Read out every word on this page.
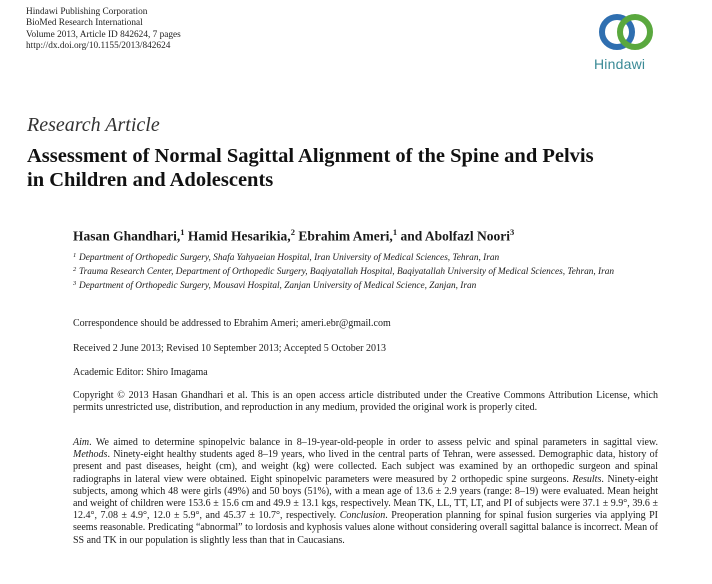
Hindawi Publishing Corporation
BioMed Research International
Volume 2013, Article ID 842624, 7 pages
http://dx.doi.org/10.1155/2013/842624
Hindawi
Research Article
Assessment of Normal Sagittal Alignment of the Spine and Pelvis
in Children and Adolescents
Hasan Ghandhari,$^1$ Hamid Hesarikia,$^2$ Ebrahim Ameri,$^1$ and Abolfazl Noori$^3$
1 Department of Orthopedic Surgery, Shafa Yahyaeian Hospital, Iran University of Medical Sciences, Tehran, Iran
2 Trauma Research Center, Department of Orthopedic Surgery, Baqiyatallah Hospital, Baqiyatallah University of Medical Sciences, Tehran, Iran
3 Department of Orthopedic Surgery, Mousavi Hospital, Zanjan University of Medical Science, Zanjan, Iran
Correspondence should be addressed to Ebrahim Ameri; ameri.ebr@gmail.com
Received 2 June 2013; Revised 10 September 2013; Accepted 5 October 2013
Academic Editor: Shiro Imagama
Copyright © 2013 Hasan Ghandhari et al. This is an open access article distributed under the Creative Commons Attribution License, which permits unrestricted use, distribution, and reproduction in any medium, provided the original work is properly cited.
Aim. We aimed to determine spinopelvic balance in 8–19-year-old-people in order to assess pelvic and spinal parameters in sagittal view. Methods. Ninety-eight healthy students aged 8–19 years, who lived in the central parts of Tehran, were assessed. Demographic data, history of present and past diseases, height (cm), and weight (kg) were collected. Each subject was examined by an orthopedic surgeon and spinal radiographs in lateral view were obtained. Eight spinopelvic parameters were measured by 2 orthopedic spine surgeons. Results. Ninety-eight subjects, among which 48 were girls (49%) and 50 boys (51%), with a mean age of 13.6 ± 2.9 years (range: 8–19) were evaluated. Mean height and weight of children were 153.6 ± 15.6 cm and 49.9 ± 13.1 kgs, respectively. Mean TK, LL, TT, LT, and PI of subjects were 37.1 ± 9.9°, 39.6 ± 12.4°, 7.08 ± 4.9°, 12.0 ± 5.9°, and 45.37 ± 10.7°, respectively. Conclusion. Preoperation planning for spinal fusion surgeries via applying PI seems reasonable. Predicating “abnormal” to lordosis and kyphosis values alone without considering overall sagittal balance is incorrect. Mean of SS and TK in our population is slightly less than that in Caucasians.
